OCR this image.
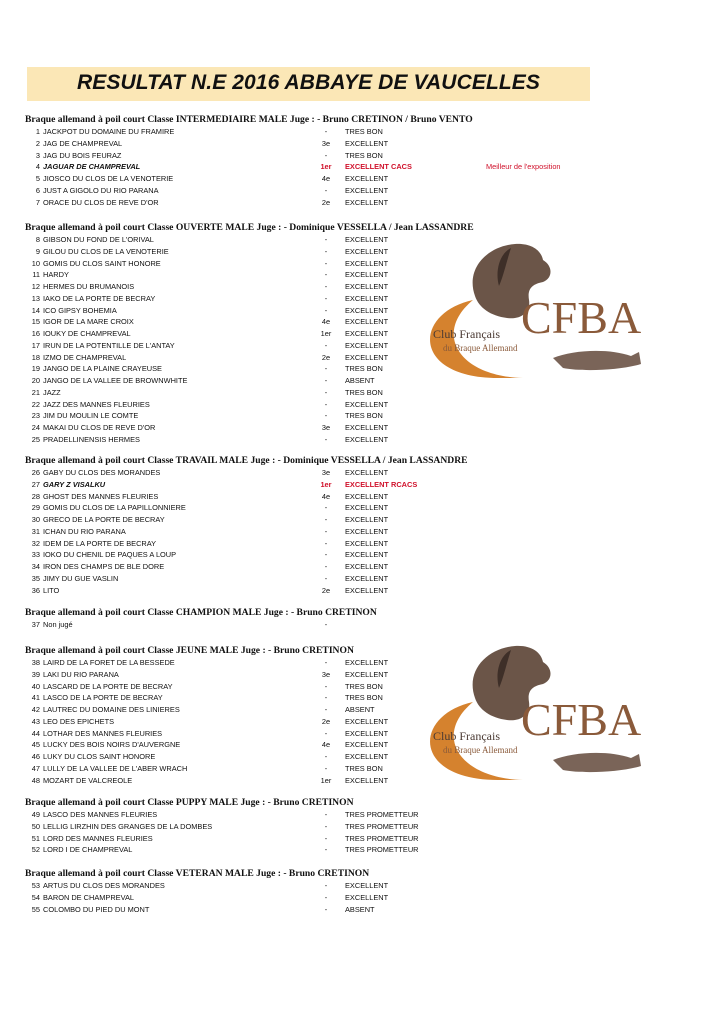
RESULTAT N.E 2016 ABBAYE DE VAUCELLES
Braque allemand à poil court Classe INTERMEDIAIRE MALE Juge : - Bruno CRETINON / Bruno VENTO
1 JACKPOT DU DOMAINE DU FRAMIRE	-	TRES BON
2 JAG DE CHAMPREVAL	3e	EXCELLENT
3 JAG DU BOIS FEURAZ	-	TRES BON
4 JAGUAR DE CHAMPREVAL	1er	EXCELLENT CACS	Meilleur de l'exposition
5 JIOSCO DU CLOS DE LA VENOTERIE	4e	EXCELLENT
6 JUST A GIGOLO DU RIO PARANA	-	EXCELLENT
7 ORACE DU CLOS DE REVE D'OR	2e	EXCELLENT
Braque allemand à poil court Classe OUVERTE MALE Juge : - Dominique VESSELLA / Jean LASSANDRE
8 GIBSON DU FOND DE L'ORIVAL	-	EXCELLENT
9 GILOU DU CLOS DE LA VENOTERIE	-	EXCELLENT
10 GOMIS DU CLOS SAINT HONORE	-	EXCELLENT
11 HARDY	-	EXCELLENT
12 HERMES DU BRUMANOIS	-	EXCELLENT
13 IAKO DE LA PORTE DE BECRAY	-	EXCELLENT
14 ICO GIPSY BOHEMIA	-	EXCELLENT
15 IGOR DE LA MARE CROIX	4e	EXCELLENT
16 IOUKY DE CHAMPREVAL	1er	EXCELLENT
17 IRUN DE LA POTENTILLE DE L'ANTAY	-	EXCELLENT
18 IZMO DE CHAMPREVAL	2e	EXCELLENT
19 JANGO DE LA PLAINE CRAYEUSE	-	TRES BON
20 JANGO DE LA VALLEE DE BROWNWHITE	-	ABSENT
21 JAZZ	-	TRES BON
22 JAZZ DES MANNES FLEURIES	-	EXCELLENT
23 JIM DU MOULIN LE COMTE	-	TRES BON
24 MAKAI DU CLOS DE REVE D'OR	3e	EXCELLENT
25 PRADELLINENSIS HERMES	-	EXCELLENT
Braque allemand à poil court Classe TRAVAIL MALE Juge : - Dominique VESSELLA / Jean LASSANDRE
26 GABY DU CLOS DES MORANDES	3e	EXCELLENT
27 GARY Z VISALKU	1er	EXCELLENT RCACS
28 GHOST DES MANNES FLEURIES	4e	EXCELLENT
29 GOMIS DU CLOS DE LA PAPILLONNIERE	-	EXCELLENT
30 GRECO DE LA PORTE DE BECRAY	-	EXCELLENT
31 ICHAN DU RIO PARANA	-	EXCELLENT
32 IDEM DE LA PORTE DE BECRAY	-	EXCELLENT
33 IOKO DU CHENIL DE PAQUES A LOUP	-	EXCELLENT
34 IRON DES CHAMPS DE BLE DORE	-	EXCELLENT
35 JIMY DU GUE VASLIN	-	EXCELLENT
36 LITO	2e	EXCELLENT
Braque allemand à poil court Classe CHAMPION MALE Juge : - Bruno CRETINON
37 Non jugé	-
Braque allemand à poil court Classe JEUNE MALE Juge : - Bruno CRETINON
38 LAIRD DE LA FORET DE LA BESSEDE	-	EXCELLENT
39 LAKI DU RIO PARANA	3e	EXCELLENT
40 LASCARD DE LA PORTE DE BECRAY	-	TRES BON
41 LASCO DE LA PORTE DE BECRAY	-	TRES BON
42 LAUTREC DU DOMAINE DES LINIERES	-	ABSENT
43 LEO DES EPICHETS	2e	EXCELLENT
44 LOTHAR DES MANNES FLEURIES	-	EXCELLENT
45 LUCKY DES BOIS NOIRS D'AUVERGNE	4e	EXCELLENT
46 LUKY DU CLOS SAINT HONORE	-	EXCELLENT
47 LULLY DE LA VALLEE DE L'ABER WRACH	-	TRES BON
48 MOZART DE VALCREOLE	1er	EXCELLENT
Braque allemand à poil court Classe PUPPY MALE Juge : - Bruno CRETINON
49 LASCO DES MANNES FLEURIES	-	TRES PROMETTEUR
50 LELLIG LIRZHIN DES GRANGES DE LA DOMBES	-	TRES PROMETTEUR
51 LORD DES MANNES FLEURIES	-	TRES PROMETTEUR
52 LORD I DE CHAMPREVAL	-	TRES PROMETTEUR
Braque allemand à poil court Classe VETERAN MALE Juge : - Bruno CRETINON
53 ARTUS DU CLOS DES MORANDES	-	EXCELLENT
54 BARON DE CHAMPREVAL	-	EXCELLENT
55 COLOMBO DU PIED DU MONT	-	ABSENT
CFBA
Club Français
du Braque Allemand
CFBA
Club Français
du Braque Allemand
